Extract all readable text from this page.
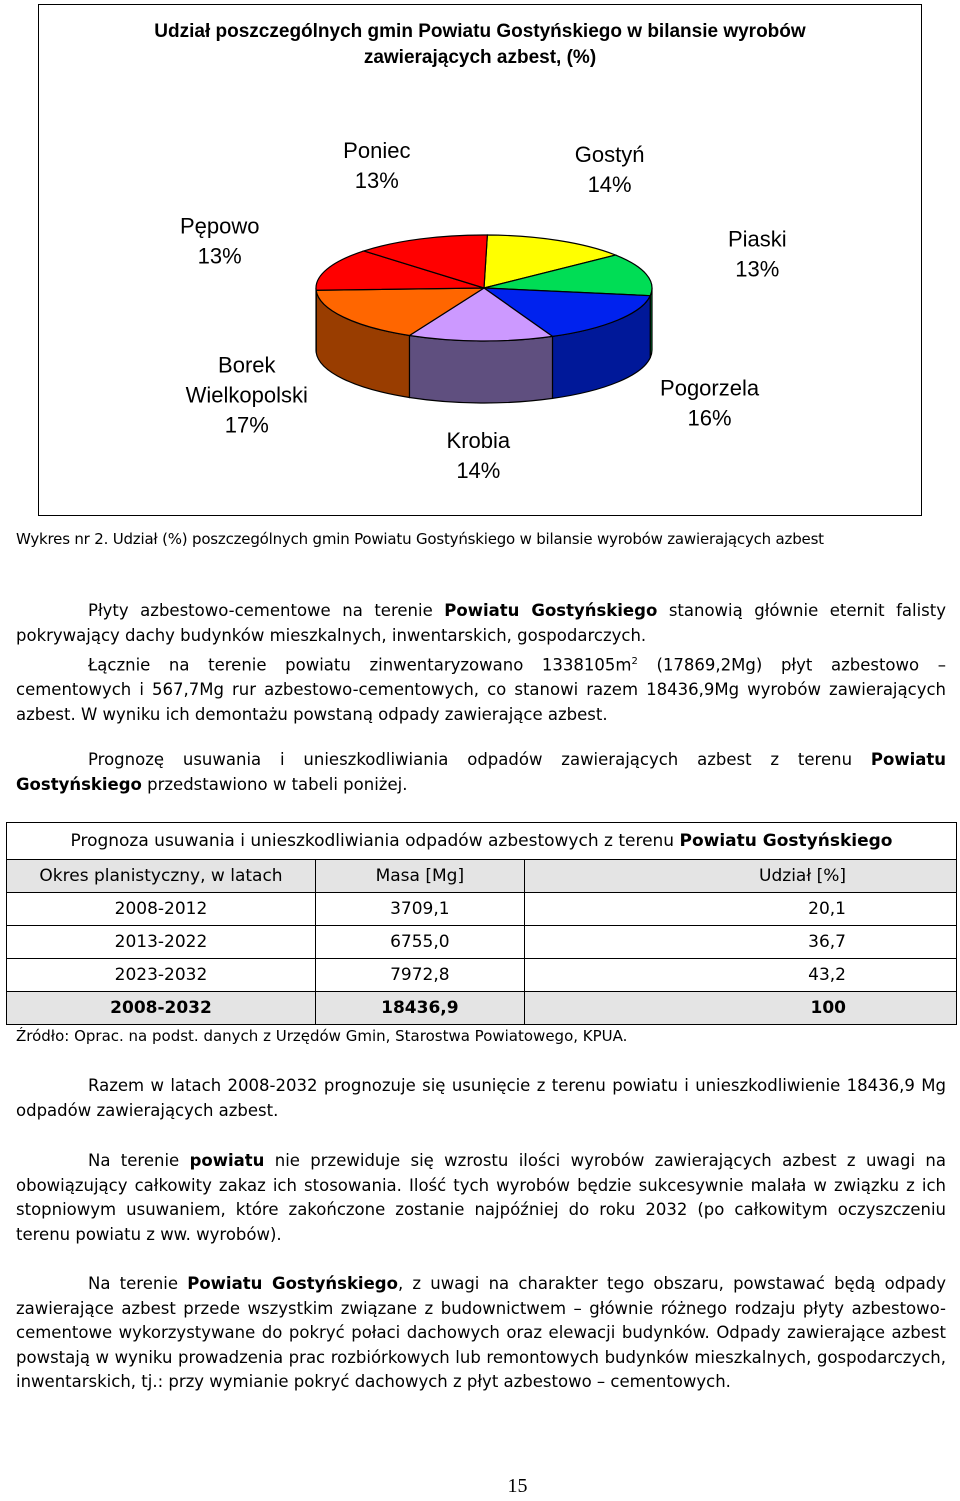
Udział poszczególnych gmin Powiatu Gostyńskiego w bilansie wyrobów
zawierających azbest, (%)
Gostyń 14%
Piaski 13%
Pogorzela 16%
Krobia 14%
Borek Wielkopolski 17%
Pępowo 13%
Poniec 13%
Wykres nr 2. Udział (%) poszczególnych gmin Powiatu Gostyńskiego w bilansie wyrobów zawierających azbest
Płyty azbestowo-cementowe na terenie Powiatu Gostyńskiego stanowią głównie eternit falisty pokrywający dachy budynków mieszkalnych, inwentarskich, gospodarczych.
Łącznie na terenie powiatu zinwentaryzowano $1338105m^2$ (17869,2Mg) płyt azbestowo – cementowych i 567,7Mg rur azbestowo-cementowych, co stanowi razem 18436,9Mg wyrobów zawierających azbest. W wyniku ich demontażu powstaną odpady zawierające azbest.
Prognozę usuwania i unieszkodliwiania odpadów zawierających azbest z terenu Powiatu Gostyńskiego przedstawiono w tabeli poniżej.
Prognoza usuwania i unieszkodliwiania odpadów azbestowych z terenu Powiatu Gostyńskiego		
Okres planistyczny, w latach	Masa [Mg]	Udział [%]
2008-2012	3709,1	20,1
2013-2022	6755,0	36,7
2023-2032	7972,8	43,2
2008-2032	18436,9	100
Źródło: Oprac. na podst. danych z Urzędów Gmin, Starostwa Powiatowego, KPUA.
Razem w latach 2008-2032 prognozuje się usunięcie z terenu powiatu i unieszkodliwienie 18436,9 Mg odpadów zawierających azbest.
Na terenie powiatu nie przewiduje się wzrostu ilości wyrobów zawierających azbest z uwagi na obowiązujący całkowity zakaz ich stosowania. Ilość tych wyrobów będzie sukcesywnie malała w związku z ich stopniowym usuwaniem, które zakończone zostanie najpóźniej do roku 2032 (po całkowitym oczyszczeniu terenu powiatu z ww. wyrobów).
Na terenie Powiatu Gostyńskiego, z uwagi na charakter tego obszaru, powstawać będą odpady zawierające azbest przede wszystkim związane z budownictwem – głównie różnego rodzaju płyty azbestowo-cementowe wykorzystywane do pokryć połaci dachowych oraz elewacji budynków. Odpady zawierające azbest powstają w wyniku prowadzenia prac rozbiórkowych lub remontowych budynków mieszkalnych, gospodarczych, inwentarskich, tj.: przy wymianie pokryć dachowych z płyt azbestowo – cementowych.
15
